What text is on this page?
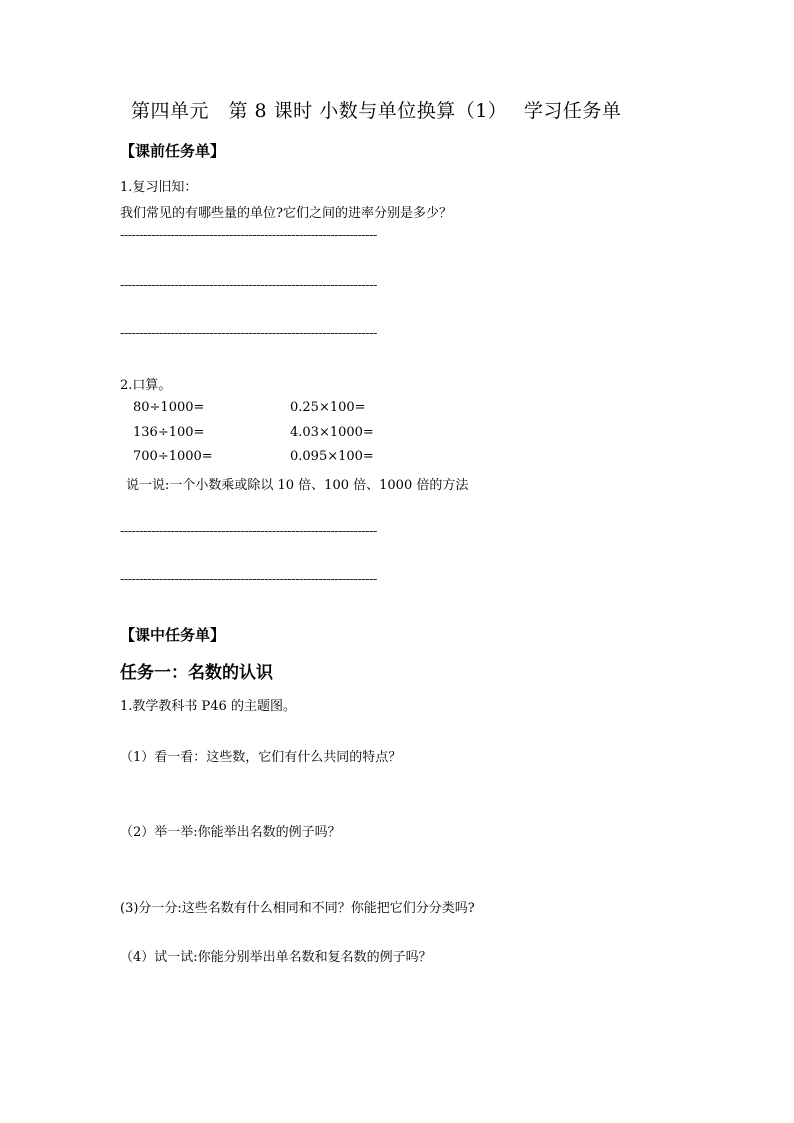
第四单元　第 8 课时 小数与单位换算（1）　 学习任务单
【课前任务单】
1.复习旧知：
我们常见的有哪些量的单位?它们之间的进率分别是多少？
------------------------------------------------------------------
------------------------------------------------------------------
------------------------------------------------------------------
2.口算。
80÷1000=	0.25×100=
136÷100=	4.03×1000=
700÷1000=	0.095×100=
说一说:一个小数乘或除以 10 倍、100 倍、1000 倍的方法
------------------------------------------------------------------
------------------------------------------------------------------
【课中任务单】
任务一：名数的认识
1.教学教科书 P46 的主题图。
（1）看一看：这些数，它们有什么共同的特点？
（2）举一举:你能举出名数的例子吗？
(3)分一分:这些名数有什么相同和不同？你能把它们分分类吗?
（4）试一试:你能分别举出单名数和复名数的例子吗？
